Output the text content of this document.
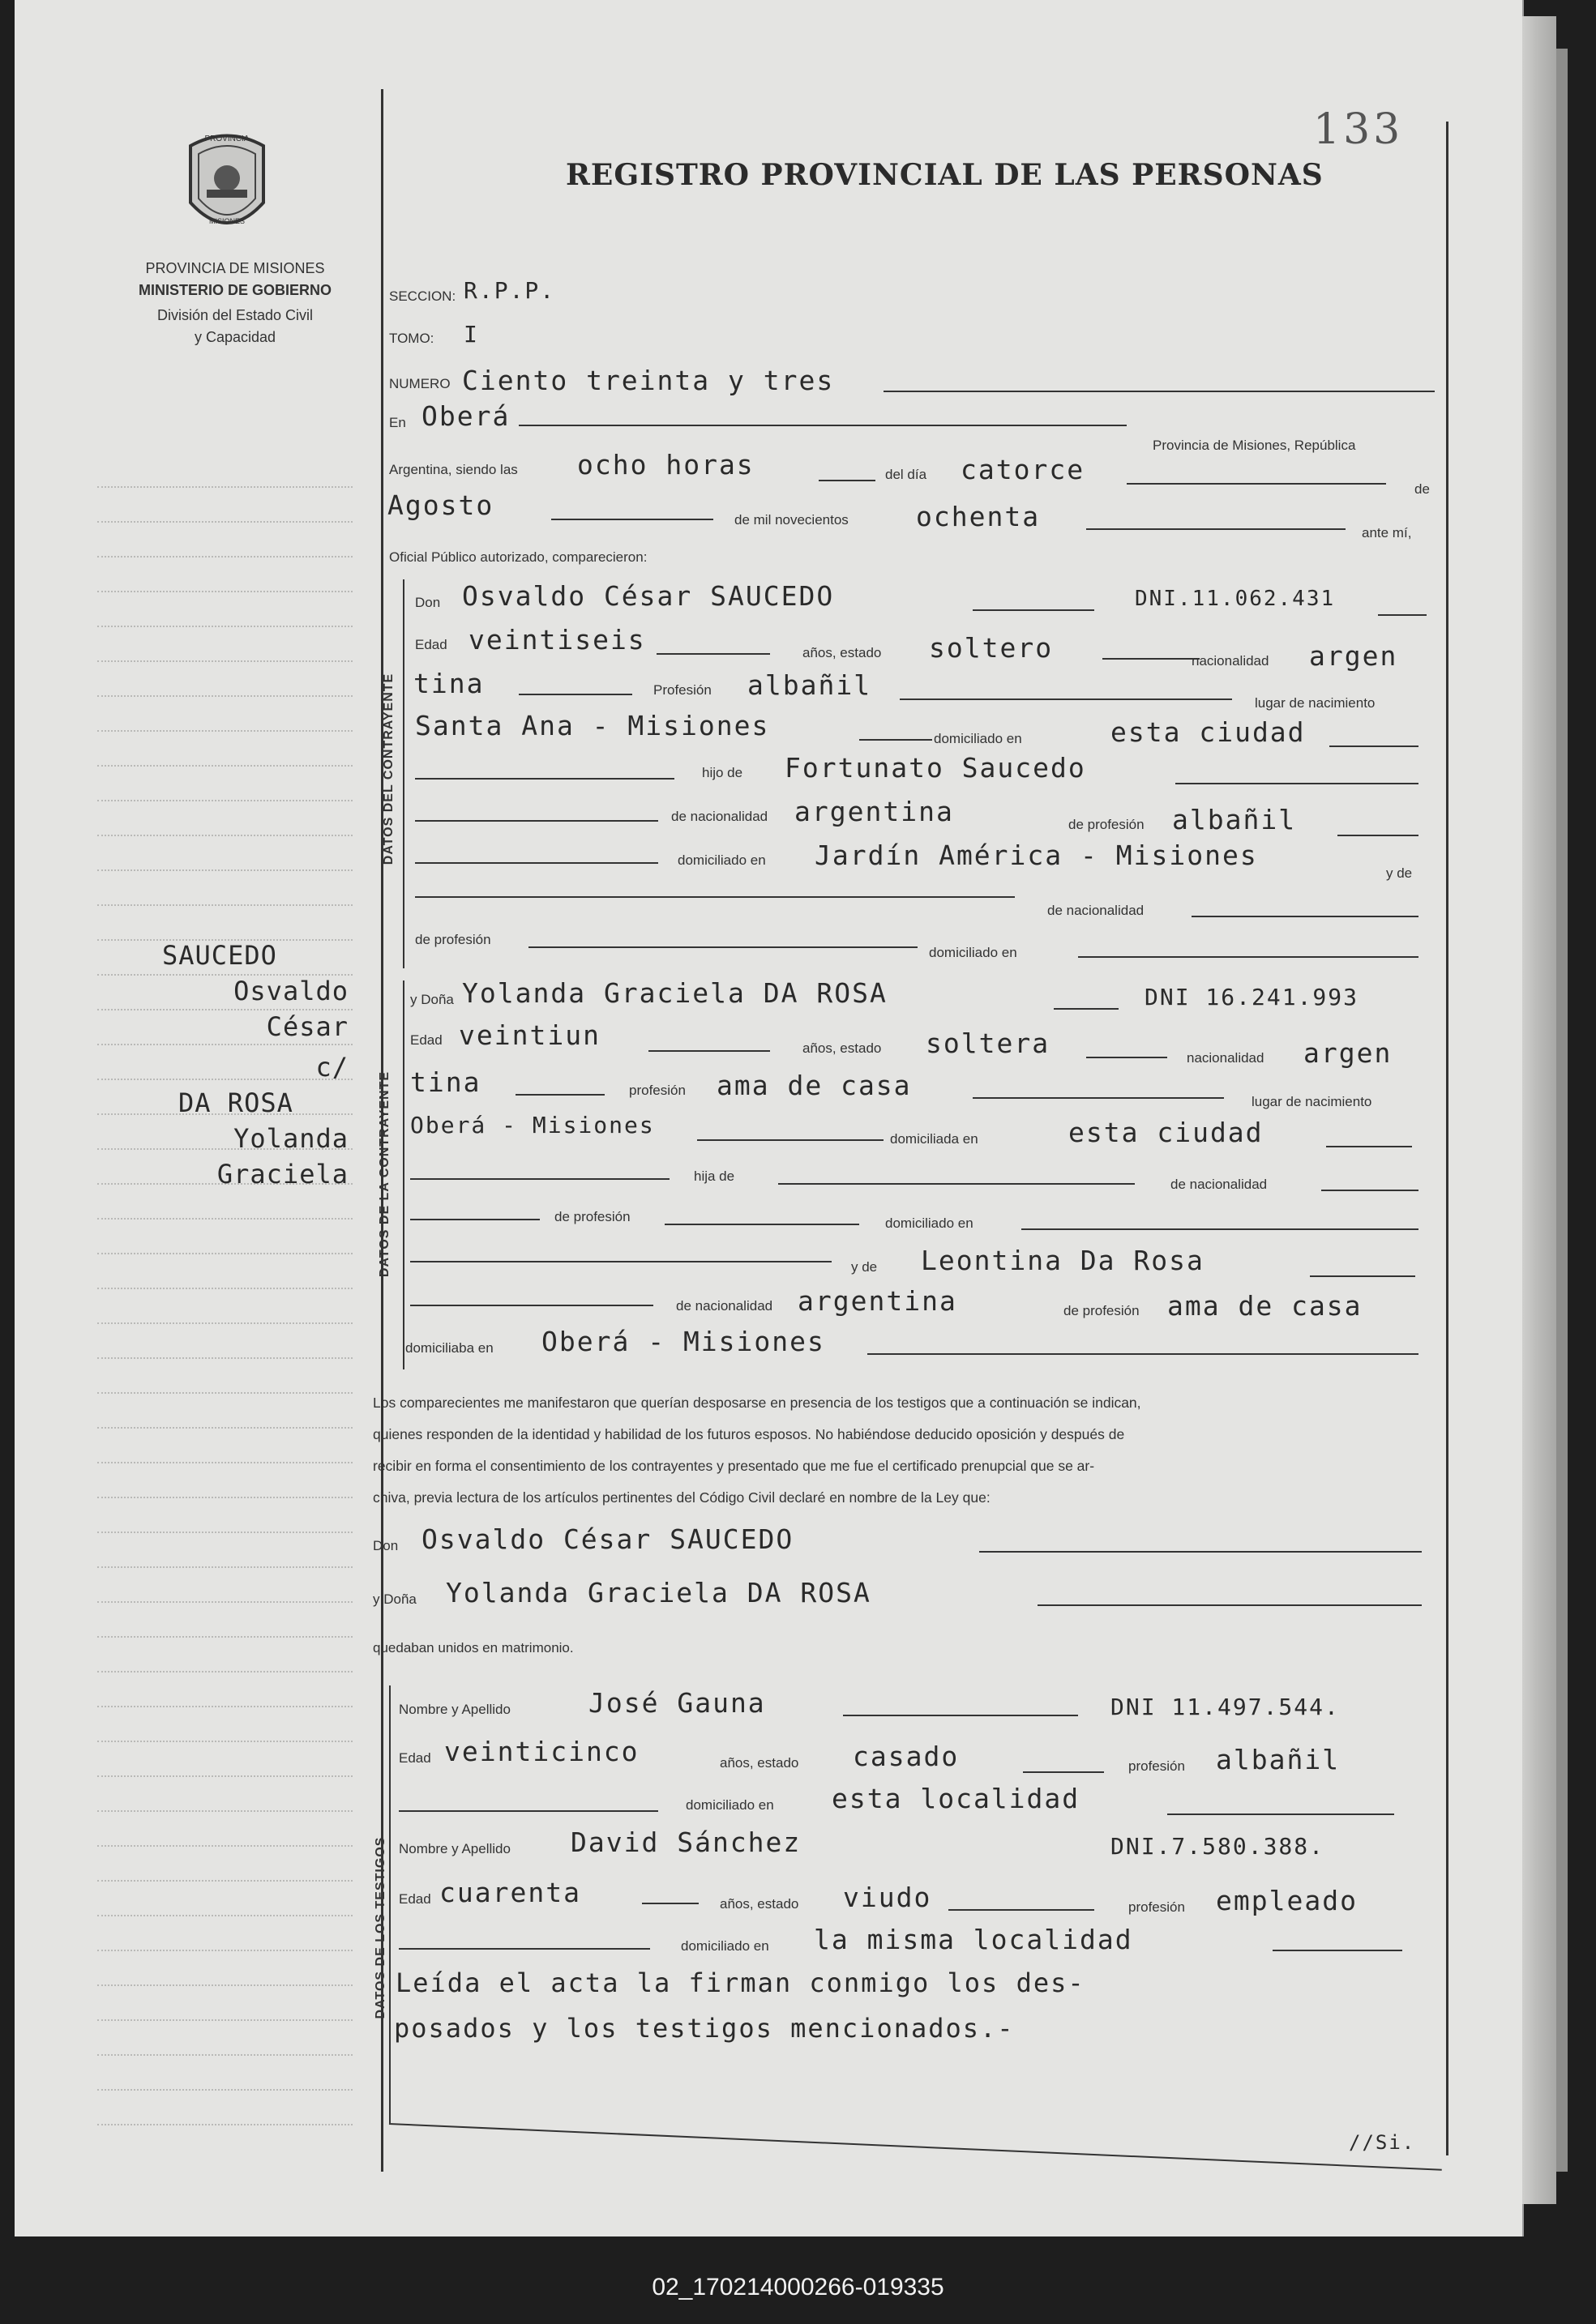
PROVINCIA
MISIONES
PROVINCIA DE MISIONES
MINISTERIO DE GOBIERNO
División del Estado Civil
y Capacidad
133
REGISTRO PROVINCIAL DE LAS PERSONAS
SECCION: R.P.P.
TOMO: I
NUMERO Ciento treinta y tres
En Oberá
Provincia de Misiones, República
Argentina, siendo las ocho horas	del día catorce
de
Agosto	de mil novecientos	ochenta
ante mí,
Oficial Público autorizado, comparecieron:
DATOS DEL CONTRAYENTE
Don Osvaldo César SAUCEDO	DNI.11.062.431
Edad veintiseis	años, estado soltero	nacionalidad argen
tina	Profesión albañil
lugar de nacimiento
Santa Ana - Misiones	domiciliado en	esta ciudad
hijo de Fortunato Saucedo
de nacionalidad argentina	de profesión albañil
domiciliado en Jardín América - Misiones
y de
de nacionalidad
de profesión
domiciliado en
DATOS DE LA CONTRAYENTE
y Doña Yolanda Graciela DA ROSA	DNI 16.241.993
Edad veintiun	años, estado soltera	nacionalidad argen
tina	profesión ama de casa
lugar de nacimiento
Oberá - Misiones
domiciliada en	esta ciudad
hija de
de nacionalidad
de profesión	domiciliado en
y de Leontina Da Rosa
de nacionalidad argentina	de profesión ama de casa
domiciliaba en Oberá - Misiones
Los comparecientes me manifestaron que querían desposarse en presencia de los testigos que a continuación se indican,
quienes responden de la identidad y habilidad de los futuros esposos. No habiéndose deducido oposición y después de
recibir en forma el consentimiento de los contrayentes y presentado que me fue el certificado prenupcial que se ar-
chiva, previa lectura de los artículos pertinentes del Código Civil declaré en nombre de la Ley que:
Don Osvaldo César SAUCEDO
y Doña Yolanda Graciela DA ROSA
quedaban unidos en matrimonio.
DATOS DE LOS TESTIGOS
Nombre y Apellido	José Gauna	DNI 11.497.544.
Edad veinticinco	años, estado casado	profesión albañil
domiciliado en esta localidad
Nombre y Apellido David Sánchez	DNI.7.580.388.
Edad cuarenta	años, estado viudo	profesión empleado
domiciliado en la misma localidad
Leída el acta la firman conmigo los des-
posados y los testigos mencionados.-
//Si.
SAUCEDO
Osvaldo
César
c/
DA ROSA
Yolanda
Graciela
02_170214000266-019335
